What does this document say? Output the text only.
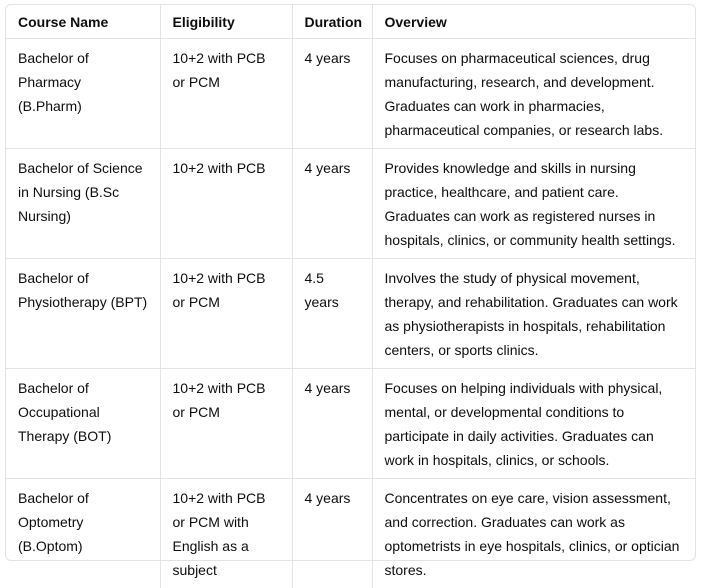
Course Name	Eligibility	Duration	Overview
Bachelor of Pharmacy (B.Pharm)	10+2 with PCB or PCM	4 years	Focuses on pharmaceutical sciences, drug manufacturing, research, and development. Graduates can work in pharmacies, pharmaceutical companies, or research labs.
Bachelor of Science in Nursing (B.Sc Nursing)	10+2 with PCB	4 years	Provides knowledge and skills in nursing practice, healthcare, and patient care. Graduates can work as registered nurses in hospitals, clinics, or community health settings.
Bachelor of Physiotherapy (BPT)	10+2 with PCB or PCM	4.5 years	Involves the study of physical movement, therapy, and rehabilitation. Graduates can work as physiotherapists in hospitals, rehabilitation centers, or sports clinics.
Bachelor of Occupational Therapy (BOT)	10+2 with PCB or PCM	4 years	Focuses on helping individuals with physical, mental, or developmental conditions to participate in daily activities. Graduates can work in hospitals, clinics, or schools.
Bachelor of Optometry (B.Optom)	10+2 with PCB or PCM with English as a subject	4 years	Concentrates on eye care, vision assessment, and correction. Graduates can work as optometrists in eye hospitals, clinics, or optician stores.
